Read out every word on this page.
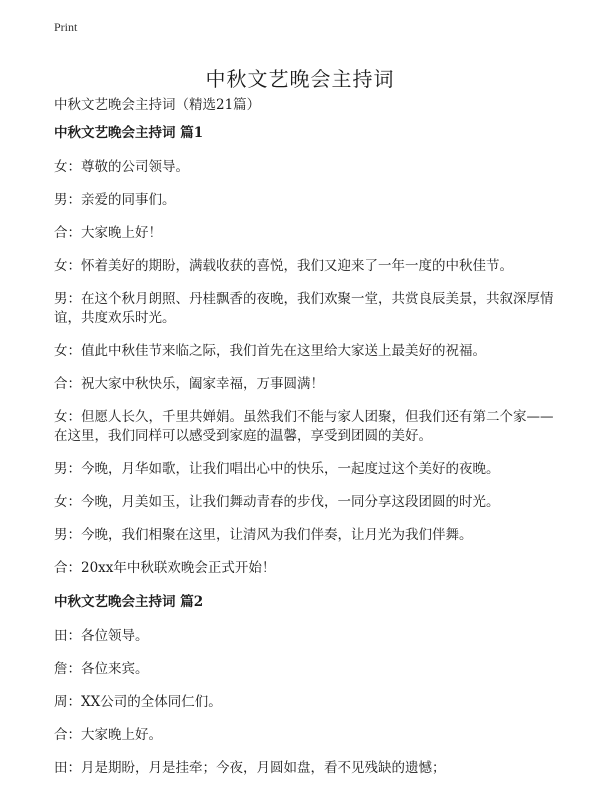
Print
中秋文艺晚会主持词
中秋文艺晚会主持词（精选21篇）
中秋文艺晚会主持词 篇1

女：尊敬的公司领导。

男：亲爱的同事们。

合：大家晚上好！

女：怀着美好的期盼，满载收获的喜悦，我们又迎来了一年一度的中秋佳节。

男：在这个秋月朗照、丹桂飘香的夜晚，我们欢聚一堂，共赏良辰美景，共叙深厚情谊，共度欢乐时光。

女：值此中秋佳节来临之际，我们首先在这里给大家送上最美好的祝福。

合：祝大家中秋快乐，阖家幸福，万事圆满！

女：但愿人长久，千里共婵娟。虽然我们不能与家人团聚，但我们还有第二个家——在这里，我们同样可以感受到家庭的温馨，享受到团圆的美好。

男：今晚，月华如歌，让我们唱出心中的快乐，一起度过这个美好的夜晚。

女：今晚，月美如玉，让我们舞动青春的步伐，一同分享这段团圆的时光。

男：今晚，我们相聚在这里，让清风为我们伴奏，让月光为我们伴舞。

合：20xx年中秋联欢晚会正式开始！

中秋文艺晚会主持词 篇2

田：各位领导。

詹：各位来宾。

周：XX公司的全体同仁们。

合：大家晚上好。

田：月是期盼，月是挂牵；今夜，月圆如盘，看不见残缺的遗憾；
